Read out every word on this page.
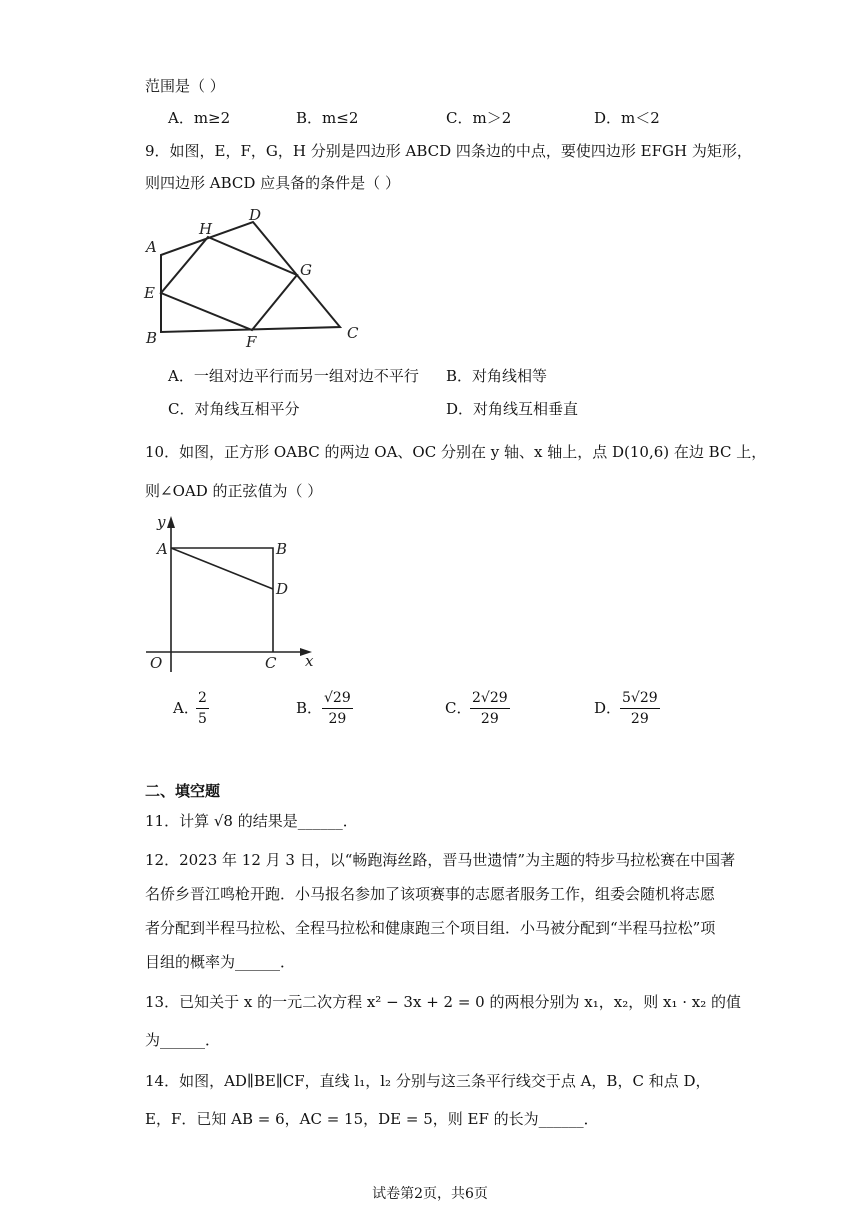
范围是（ ）
A．m≥2	B．m≤2	C．m＞2	D．m＜2
9．如图，E，F，G，H 分别是四边形 ABCD 四条边的中点，要使四边形 EFGH 为矩形，
则四边形 ABCD 应具备的条件是（ ）
A
B	C
D
E
F
G
H
A．一组对边平行而另一组对边不平行 B．对角线相等
C．对角线互相平分	D．对角线互相垂直
10．如图，正方形 OABC 的两边 OA、OC 分别在 y 轴、x 轴上，点 D(10,6) 在边 BC 上，
则∠OAD 的正弦值为（ ）
y
A	B
D
O	C x
A．
$\frac{2}{5}$	B． $\frac{√29}{29}$	C．
$\frac{2√29}{29}$	D．
$\frac{5√29}{29}$
二、填空题
11．计算 √8 的结果是______．
12．2023 年 12 月 3 日，以“畅跑海丝路，晋马世遗情”为主题的特步马拉松赛在中国著
名侨乡晋江鸣枪开跑．小马报名参加了该项赛事的志愿者服务工作，组委会随机将志愿
者分配到半程马拉松、全程马拉松和健康跑三个项目组．小马被分配到“半程马拉松”项
目组的概率为______．
13．已知关于 x 的一元二次方程 x² − 3x + 2 = 0 的两根分别为 x₁，x₂，则 x₁ · x₂ 的值
为______．
14．如图，AD∥BE∥CF，直线 l₁，l₂ 分别与这三条平行线交于点 A，B，C 和点 D，
E，F．已知 AB = 6，AC = 15，DE = 5，则 EF 的长为______．
试卷第2页，共6页
